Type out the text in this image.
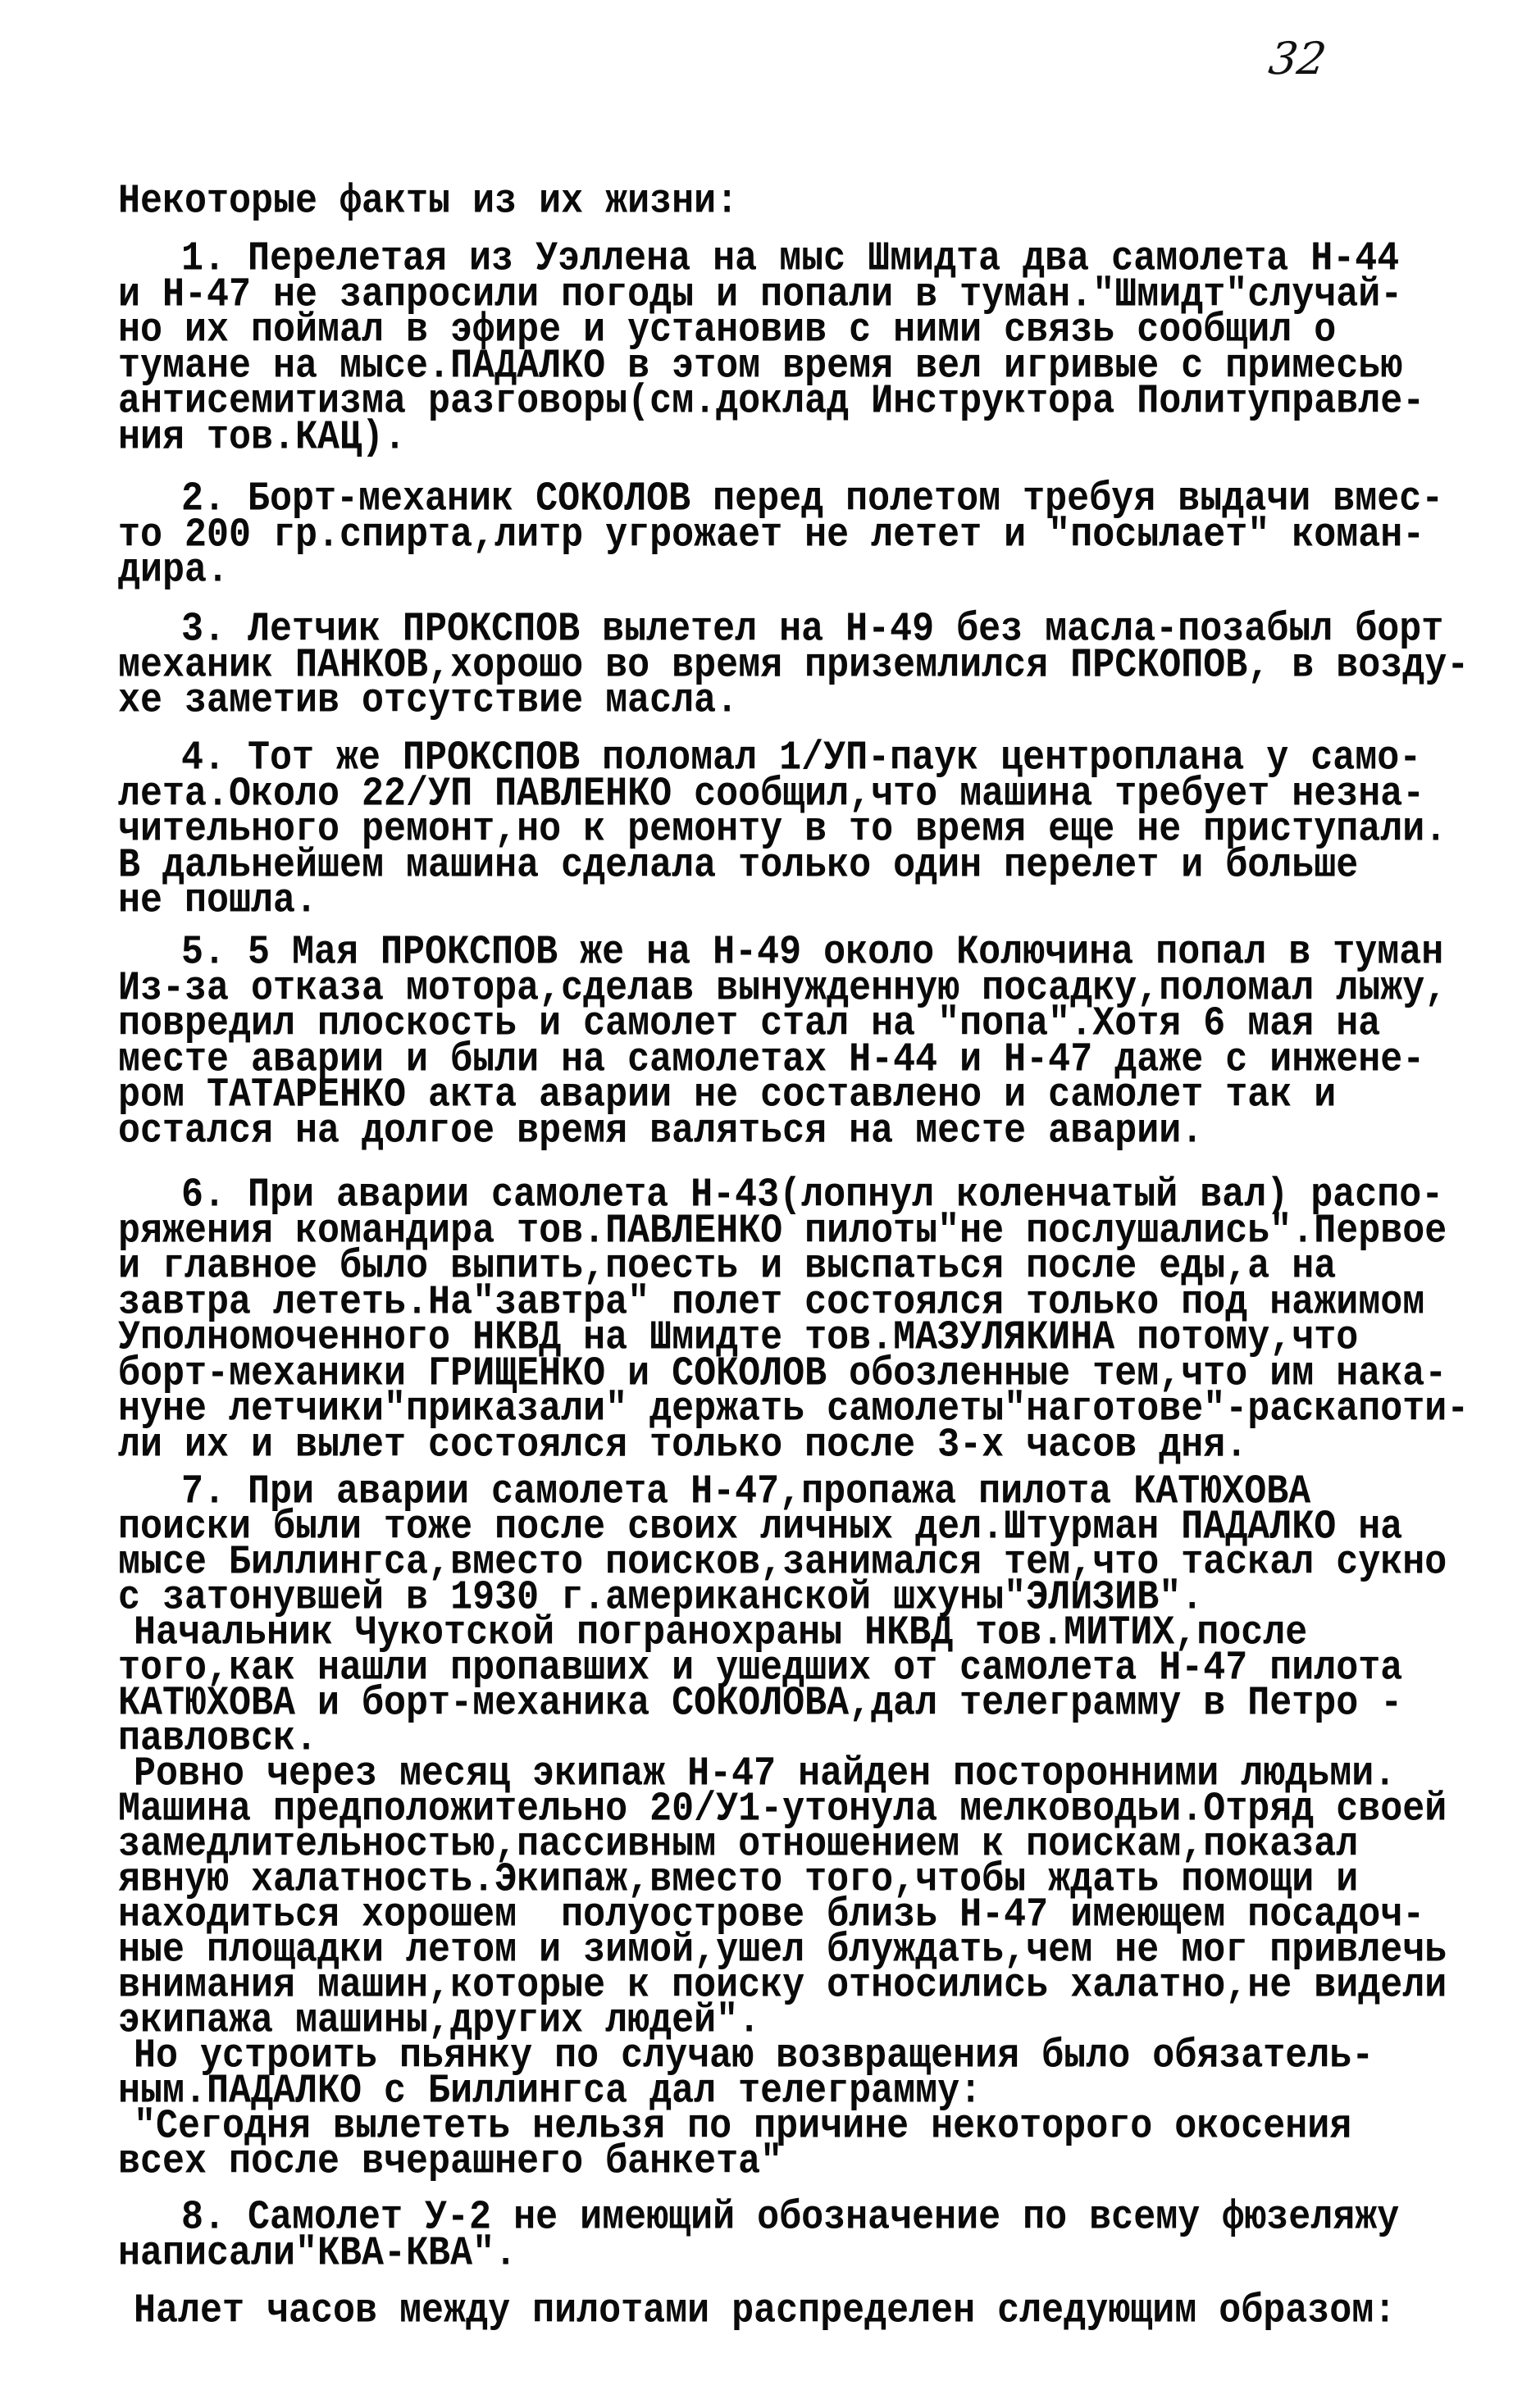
32
Некоторые факты из их жизни:
1. Перелетая из Уэллена на мыс Шмидта два самолета Н-44
и Н-47 не запросили погоды и попали в туман."Шмидт"случай-
но их поймал в эфире и установив с ними связь сообщил о
тумане на мысе.ПАДАЛКО в этом время вел игривые с примесью
антисемитизма разговоры(см.доклад Инструктора Политуправле-
ния тов.КАЦ).
2. Борт-механик СОКОЛОВ перед полетом требуя выдачи вмес-
то 200 гр.спирта,литр угрожает не летет и "посылает" коман-
дира.
3. Летчик ПРОКСПОВ вылетел на Н-49 без масла-позабыл борт
механик ПАНКОВ,хорошо во время приземлился ПРСКОПОВ, в возду-
хе заметив отсутствие масла.
4. Тот же ПРОКСПОВ поломал 1/УП-паук центроплана у само-
лета.Около 22/УП ПАВЛЕНКО сообщил,что машина требует незна-
чительного ремонт,но к ремонту в то время еще не приступали.
В дальнейшем машина сделала только один перелет и больше
не пошла.
5. 5 Мая ПРОКСПОВ же на Н-49 около Колючина попал в туман
Из-за отказа мотора,сделав вынужденную посадку,поломал лыжу,
повредил плоскость и самолет стал на "попа".Хотя 6 мая на
месте аварии и были на самолетах Н-44 и Н-47 даже с инжене-
ром ТАТАРЕНКО акта аварии не составлено и самолет так и
остался на долгое время валяться на месте аварии.
6. При аварии самолета Н-43(лопнул коленчатый вал) распо-
ряжения командира тов.ПАВЛЕНКО пилоты"не послушались".Первое
и главное было выпить,поесть и выспаться после еды,а на
завтра лететь.На"завтра" полет состоялся только под нажимом
Уполномоченного НКВД на Шмидте тов.МАЗУЛЯКИНА потому,что
борт-механики ГРИЩЕНКО и СОКОЛОВ обозленные тем,что им нака-
нуне летчики"приказали" держать самолеты"наготове"-раскапоти-
ли их и вылет состоялся только после 3-х часов дня.
7. При аварии самолета Н-47,пропажа пилота КАТЮХОВА
поиски были тоже после своих личных дел.Штурман ПАДАЛКО на
мысе Биллингса,вместо поисков,занимался тем,что таскал сукно
с затонувшей в 1930 г.американской шхуны"ЭЛИЗИВ".
Начальник Чукотской погранохраны НКВД тов.МИТИХ,после
того,как нашли пропавших и ушедших от самолета Н-47 пилота
КАТЮХОВА и борт-механика СОКОЛОВА,дал телеграмму в Петро -
павловск.
Ровно через месяц экипаж Н-47 найден посторонними людьми.
Машина предположительно 20/У1-утонула мелководьи.Отряд своей
замедлительностью,пассивным отношением к поискам,показал
явную халатность.Экипаж,вместо того,чтобы ждать помощи и
находиться хорошем  полуострове близь Н-47 имеющем посадоч-
ные площадки летом и зимой,ушел блуждать,чем не мог привлечь
внимания машин,которые к поиску относились халатно,не видели
экипажа машины,других людей".
Но устроить пьянку по случаю возвращения было обязатель-
ным.ПАДАЛКО с Биллингса дал телеграмму:
"Сегодня вылететь нельзя по причине некоторого окосения
всех после вчерашнего банкета"
8. Самолет У-2 не имеющий обозначение по всему фюзеляжу
написали"КВА-КВА".
Налет часов между пилотами распределен следующим образом:
